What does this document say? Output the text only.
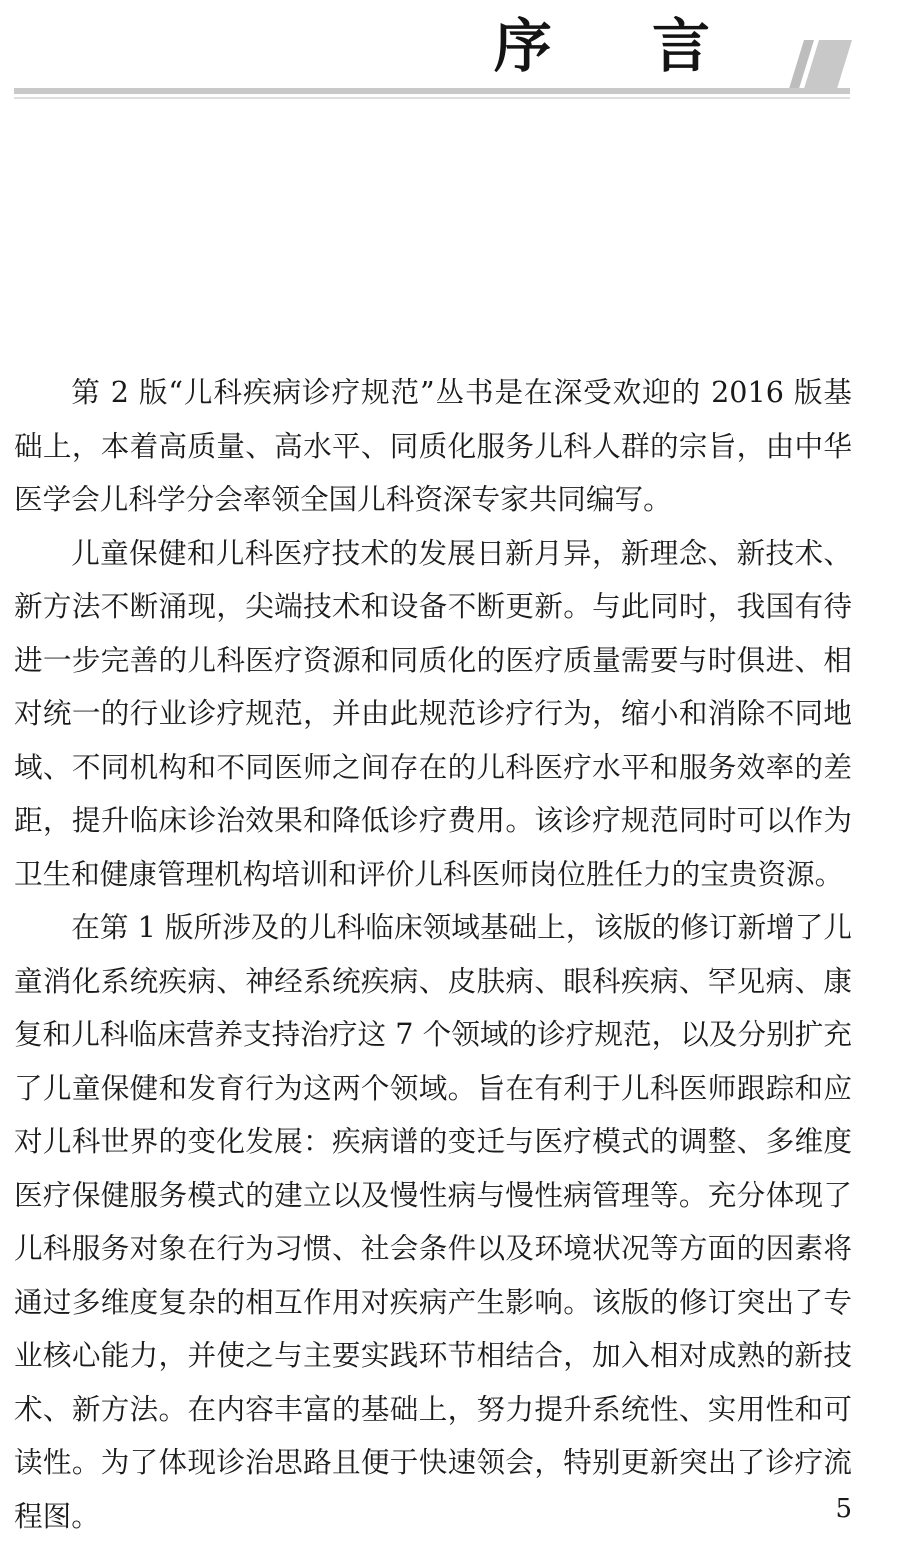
序 言

第 2 版“儿科疾病诊疗规范”丛书是在深受欢迎的 2016 版基础上，本着高质量、高水平、同质化服务儿科人群的宗旨，由中华医学会儿科学分会率领全国儿科资深专家共同编写。

儿童保健和儿科医疗技术的发展日新月异，新理念、新技术、新方法不断涌现，尖端技术和设备不断更新。与此同时，我国有待进一步完善的儿科医疗资源和同质化的医疗质量需要与时俱进、相对统一的行业诊疗规范，并由此规范诊疗行为，缩小和消除不同地域、不同机构和不同医师之间存在的儿科医疗水平和服务效率的差距，提升临床诊治效果和降低诊疗费用。该诊疗规范同时可以作为卫生和健康管理机构培训和评价儿科医师岗位胜任力的宝贵资源。

在第 1 版所涉及的儿科临床领域基础上，该版的修订新增了儿童消化系统疾病、神经系统疾病、皮肤病、眼科疾病、罕见病、康复和儿科临床营养支持治疗这 7 个领域的诊疗规范，以及分别扩充了儿童保健和发育行为这两个领域。旨在有利于儿科医师跟踪和应对儿科世界的变化发展：疾病谱的变迁与医疗模式的调整、多维度医疗保健服务模式的建立以及慢性病与慢性病管理等。充分体现了儿科服务对象在行为习惯、社会条件以及环境状况等方面的因素将通过多维度复杂的相互作用对疾病产生影响。该版的修订突出了专业核心能力，并使之与主要实践环节相结合，加入相对成熟的新技术、新方法。在内容丰富的基础上，努力提升系统性、实用性和可读性。为了体现诊治思路且便于快速领会，特别更新突出了诊疗流程图。	5
